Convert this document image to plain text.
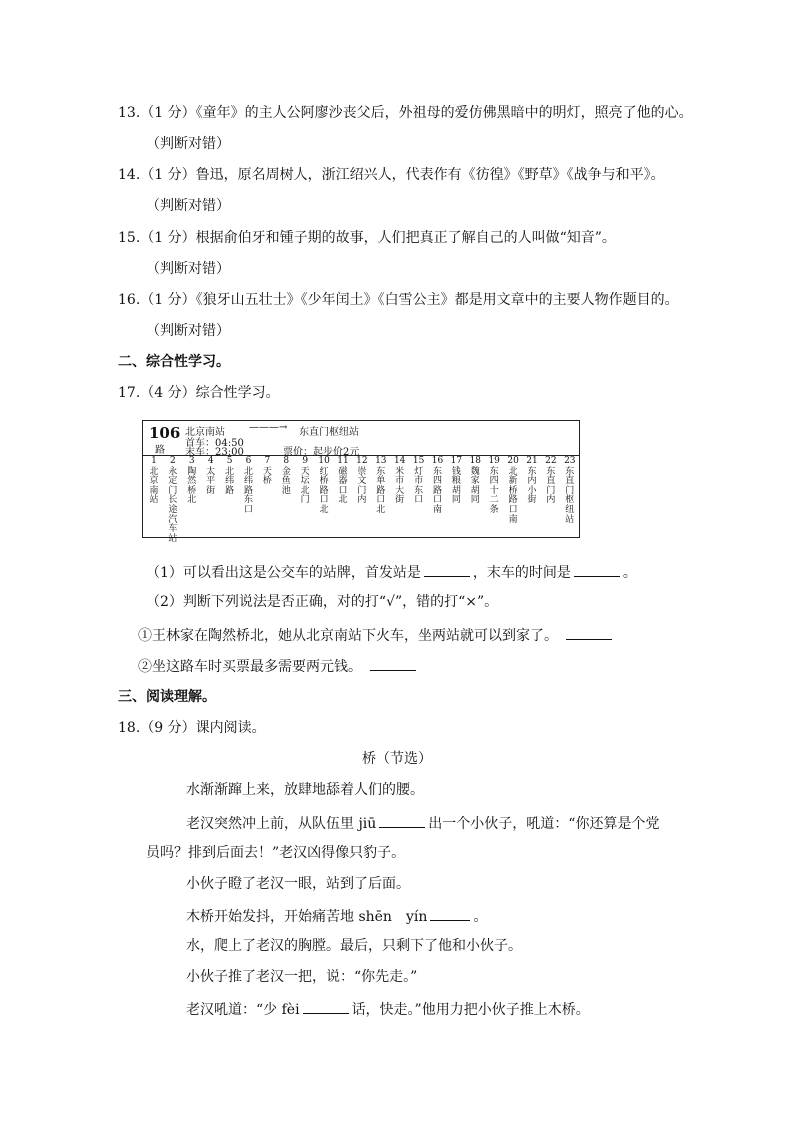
13.（1 分）《童年》的主人公阿廖沙丧父后，外祖母的爱仿佛黑暗中的明灯，照亮了他的心。
（判断对错）
14.（1 分）鲁迅，原名周树人，浙江绍兴人，代表作有《彷徨》《野草》《战争与和平》。
（判断对错）
15.（1 分）根据俞伯牙和锺子期的故事，人们把真正了解自己的人叫做“知音”。
（判断对错）
16.（1 分）《狼牙山五壮士》《少年闰土》《白雪公主》都是用文章中的主要人物作题目的。
（判断对错）
二、综合性学习。
17.（4 分）综合性学习。
106
路
北京南站 ———→ 东直门枢纽站
首车：04:50
末车：23:00	票价：起步价2元
1
北京南站
2
永定门长途汽车站
3
陶然桥北
4
太平街
5
北纬路
6
北纬路东口
7
天桥
8
金鱼池
9
天坛北门
10
红桥路口北
11
磁器口北
12
崇文门内
13
东单路口北
14
米市大街
15
灯市东口
16
东四路口南
17
钱粮胡同
18
魏家胡同
19
东四十二条
20
北新桥路口南
21
东内小街
22
东直门内
23
东直门枢纽站
（1）可以看出这是公交车的站牌，首发站是	，末车的时间是	。
（2）判断下列说法是否正确，对的打“√”，错的打“×”。
①王林家在陶然桥北，她从北京南站下火车，坐两站就可以到家了。
②坐这路车时买票最多需要两元钱。
三、阅读理解。
18.（9 分）课内阅读。
桥（节选）
水渐渐蹿上来，放肆地舔着人们的腰。
老汉突然冲上前，从队伍里 jiū	出一个小伙子，吼道：“你还算是个党
员吗？排到后面去！”老汉凶得像只豹子。
小伙子瞪了老汉一眼，站到了后面。
木桥开始发抖，开始痛苦地 shēn　yín	。
水，爬上了老汉的胸膛。最后，只剩下了他和小伙子。
小伙子推了老汉一把，说：“你先走。”
老汉吼道：“少 fèi	话，快走。”他用力把小伙子推上木桥。
